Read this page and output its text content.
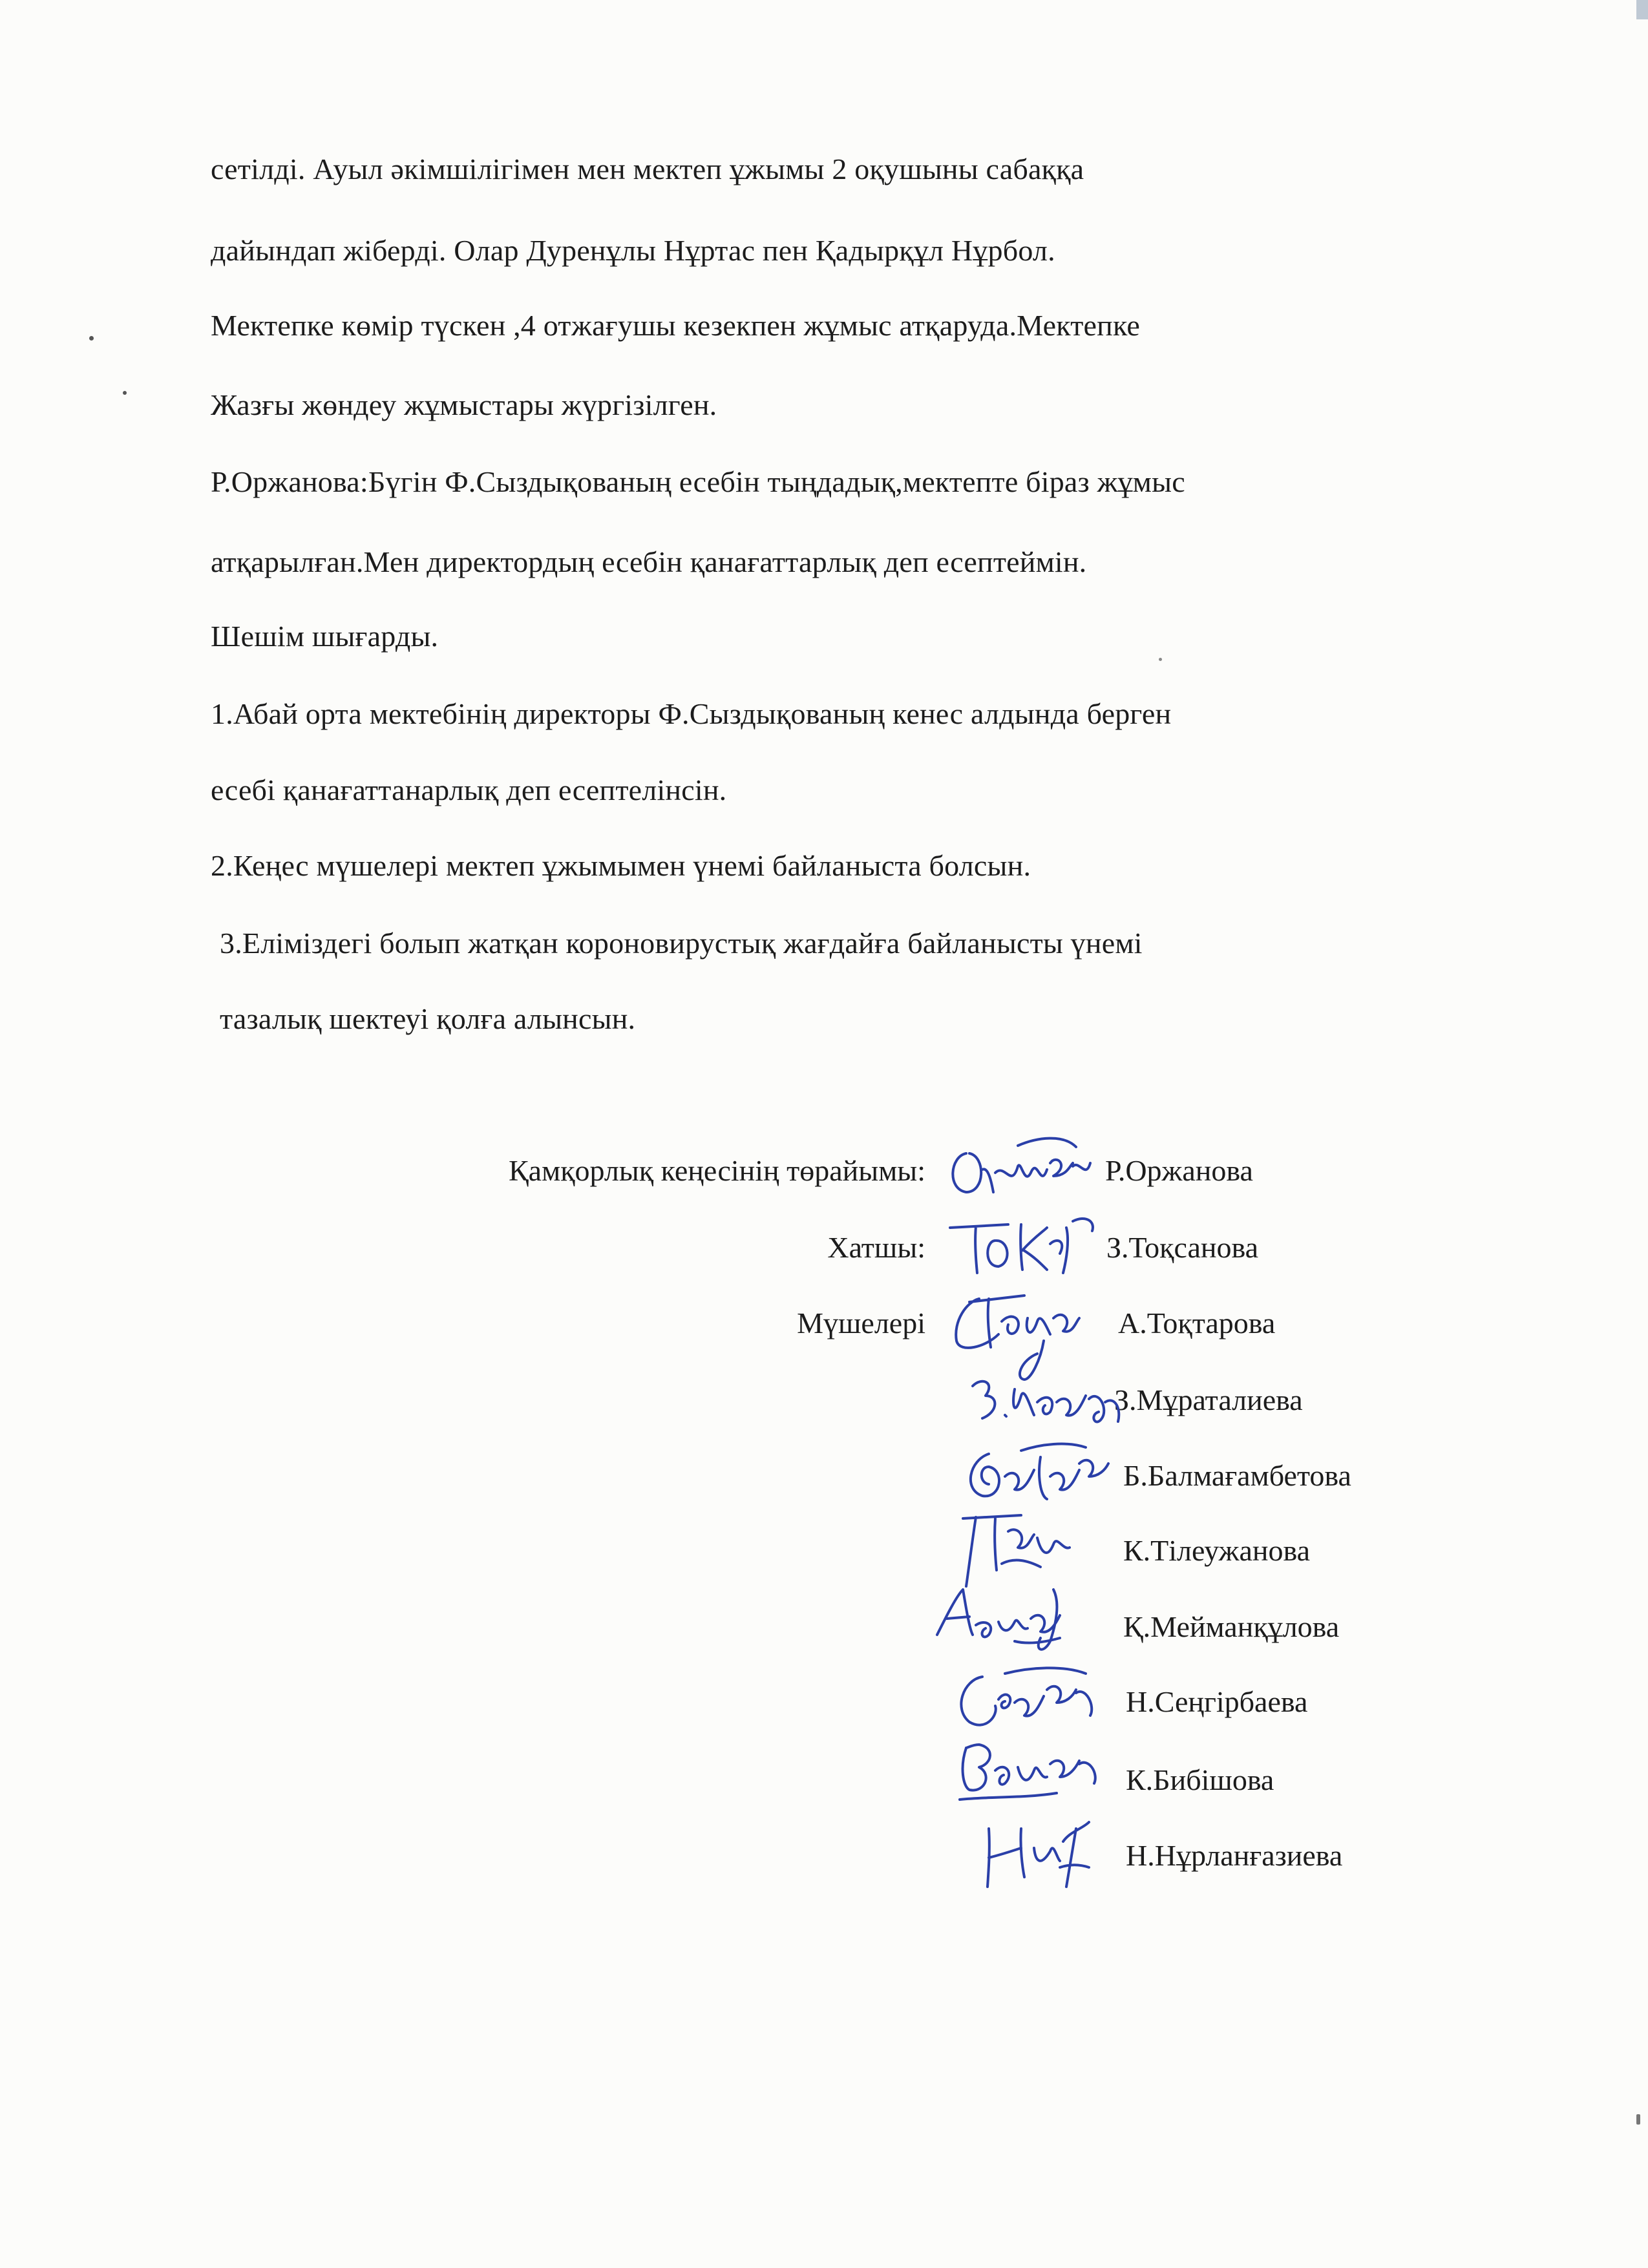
сетілді. Ауыл әкімшілігімен мен мектеп ұжымы 2 оқушыны сабаққа
дайындап жіберді. Олар Дуренұлы Нұртас пен Қадырқұл Нұрбол.
Мектепке көмір түскен ,4 отжағушы кезекпен жұмыс атқаруда.Мектепке
Жазғы жөндеу жұмыстары жүргізілген.
Р.Оржанова:Бүгін Ф.Сыздықованың есебін тыңдадық,мектепте біраз жұмыс
атқарылған.Мен директордың есебін қанағаттарлық деп есептеймін.
Шешім шығарды.
1.Абай орта мектебінің директоры Ф.Сыздықованың кенес алдында берген
есебі қанағаттанарлық деп есептелінсін.
2.Кеңес мүшелері мектеп ұжымымен үнемі байланыста болсын.
3.Еліміздегі болып жатқан короновирустық жағдайға байланысты үнемі
тазалық шектеуі қолға алынсын.
Қамқорлық кеңесінің төрайымы:
Хатшы:
Мүшелері
Р.Оржанова
З.Тоқсанова
А.Тоқтарова
З.Мұраталиева
Б.Балмағамбетова
К.Тілеужанова
Қ.Мейманқұлова
Н.Сеңгірбаева
К.Бибішова
Н.Нұрланғазиева
